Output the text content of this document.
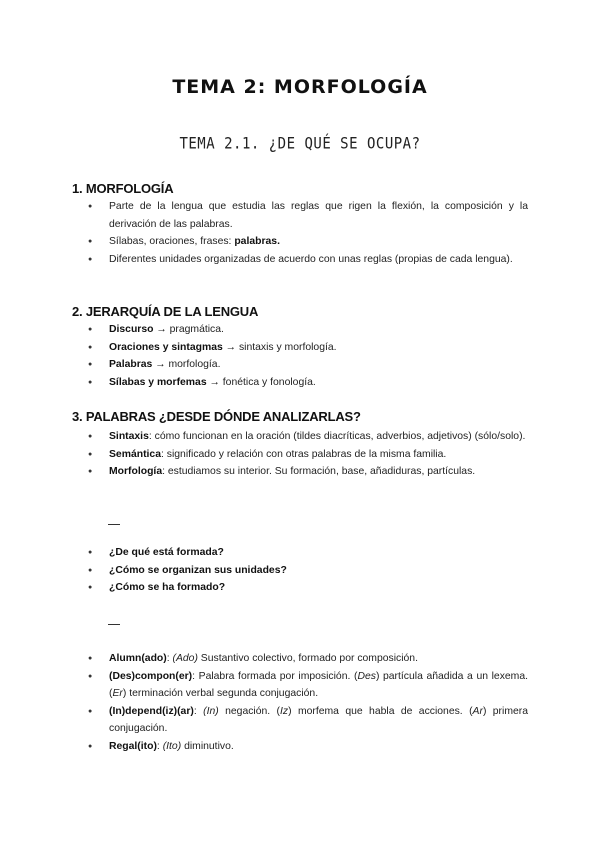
TEMA 2: MORFOLOGÍA
TEMA 2.1. ¿DE QUÉ SE OCUPA?
1. MORFOLOGÍA
● Parte de la lengua que estudia las reglas que rigen la flexión, la composición y la derivación de las palabras.
● Sílabas, oraciones, frases: palabras.
● Diferentes unidades organizadas de acuerdo con unas reglas (propias de cada lengua).
2. JERARQUÍA DE LA LENGUA
● Discurso → pragmática.
● Oraciones y sintagmas → sintaxis y morfología.
● Palabras → morfología.
● Sílabas y morfemas → fonética y fonología.
3. PALABRAS ¿DESDE DÓNDE ANALIZARLAS?
● Sintaxis: cómo funcionan en la oración (tildes diacríticas, adverbios, adjetivos) (sólo/solo).
● Semántica: significado y relación con otras palabras de la misma familia.
● Morfología: estudiamos su interior. Su formación, base, añadiduras, partículas.
● ¿De qué está formada?
● ¿Cómo se organizan sus unidades?
● ¿Cómo se ha formado?
● Alumn(ado): (Ado) Sustantivo colectivo, formado por composición.
● (Des)compon(er): Palabra formada por imposición. (Des) partícula añadida a un lexema. (Er) terminación verbal segunda conjugación.
● (In)depend(iz)(ar): (In) negación. (Iz) morfema que habla de acciones. (Ar) primera conjugación.
● Regal(ito): (Ito) diminutivo.
